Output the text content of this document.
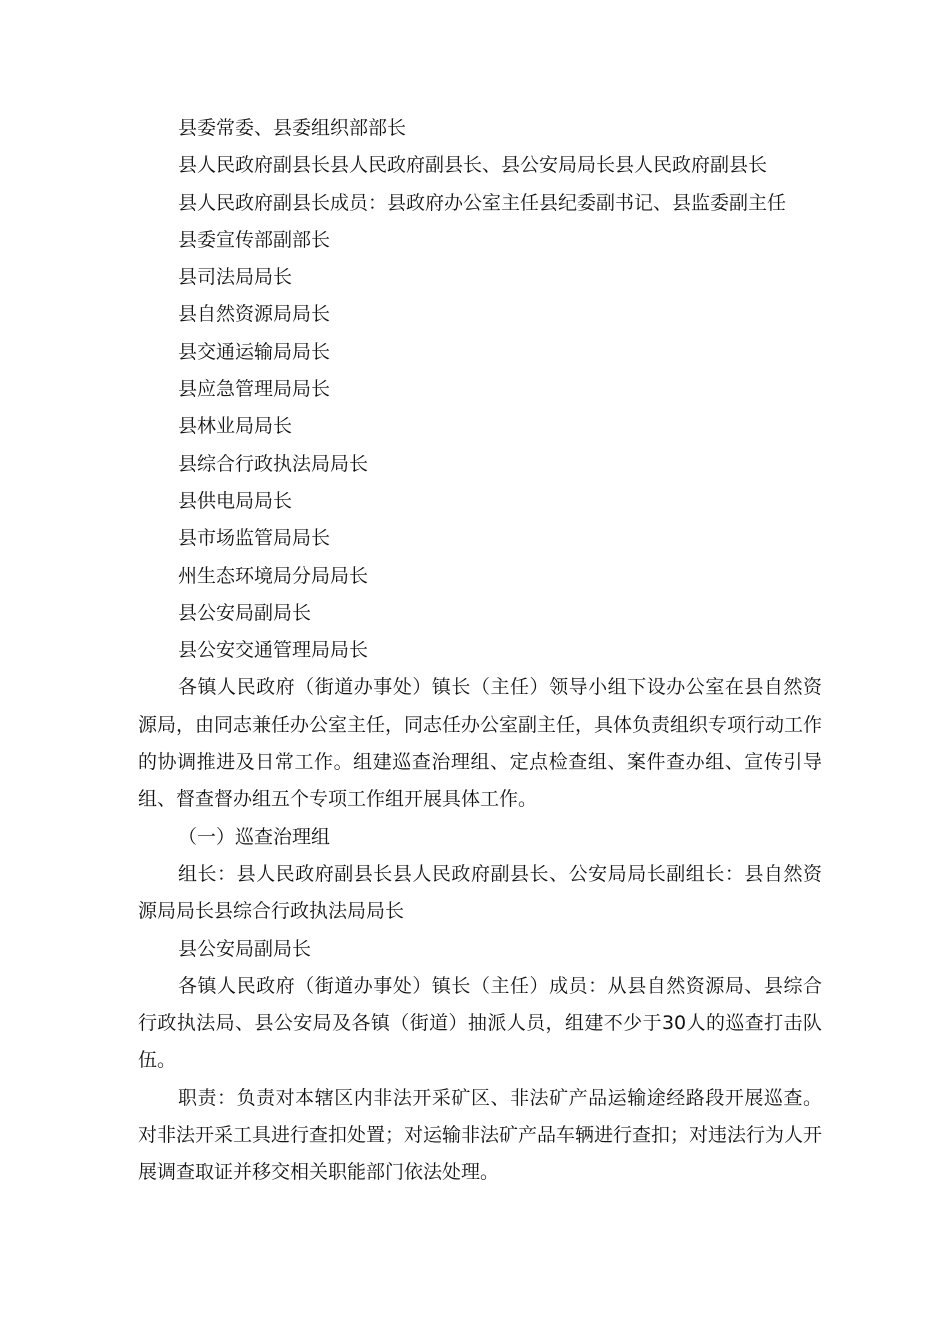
县委常委、县委组织部部长

县人民政府副县长县人民政府副县长、县公安局局长县人民政府副县长

县人民政府副县长成员：县政府办公室主任县纪委副书记、县监委副主任

县委宣传部副部长

县司法局局长

县自然资源局局长

县交通运输局局长

县应急管理局局长

县林业局局长

县综合行政执法局局长

县供电局局长

县市场监管局局长

州生态环境局分局局长

县公安局副局长

县公安交通管理局局长

各镇人民政府（街道办事处）镇长（主任）领导小组下设办公室在县自然资源局，由同志兼任办公室主任，同志任办公室副主任，具体负责组织专项行动工作的协调推进及日常工作。组建巡查治理组、定点检查组、案件查办组、宣传引导组、督查督办组五个专项工作组开展具体工作。

（一）巡查治理组

组长：县人民政府副县长县人民政府副县长、公安局局长副组长：县自然资源局局长县综合行政执法局局长

县公安局副局长

各镇人民政府（街道办事处）镇长（主任）成员：从县自然资源局、县综合行政执法局、县公安局及各镇（街道）抽派人员，组建不少于30人的巡查打击队伍。

职责：负责对本辖区内非法开采矿区、非法矿产品运输途经路段开展巡查。对非法开采工具进行查扣处置；对运输非法矿产品车辆进行查扣；对违法行为人开展调查取证并移交相关职能部门依法处理。
